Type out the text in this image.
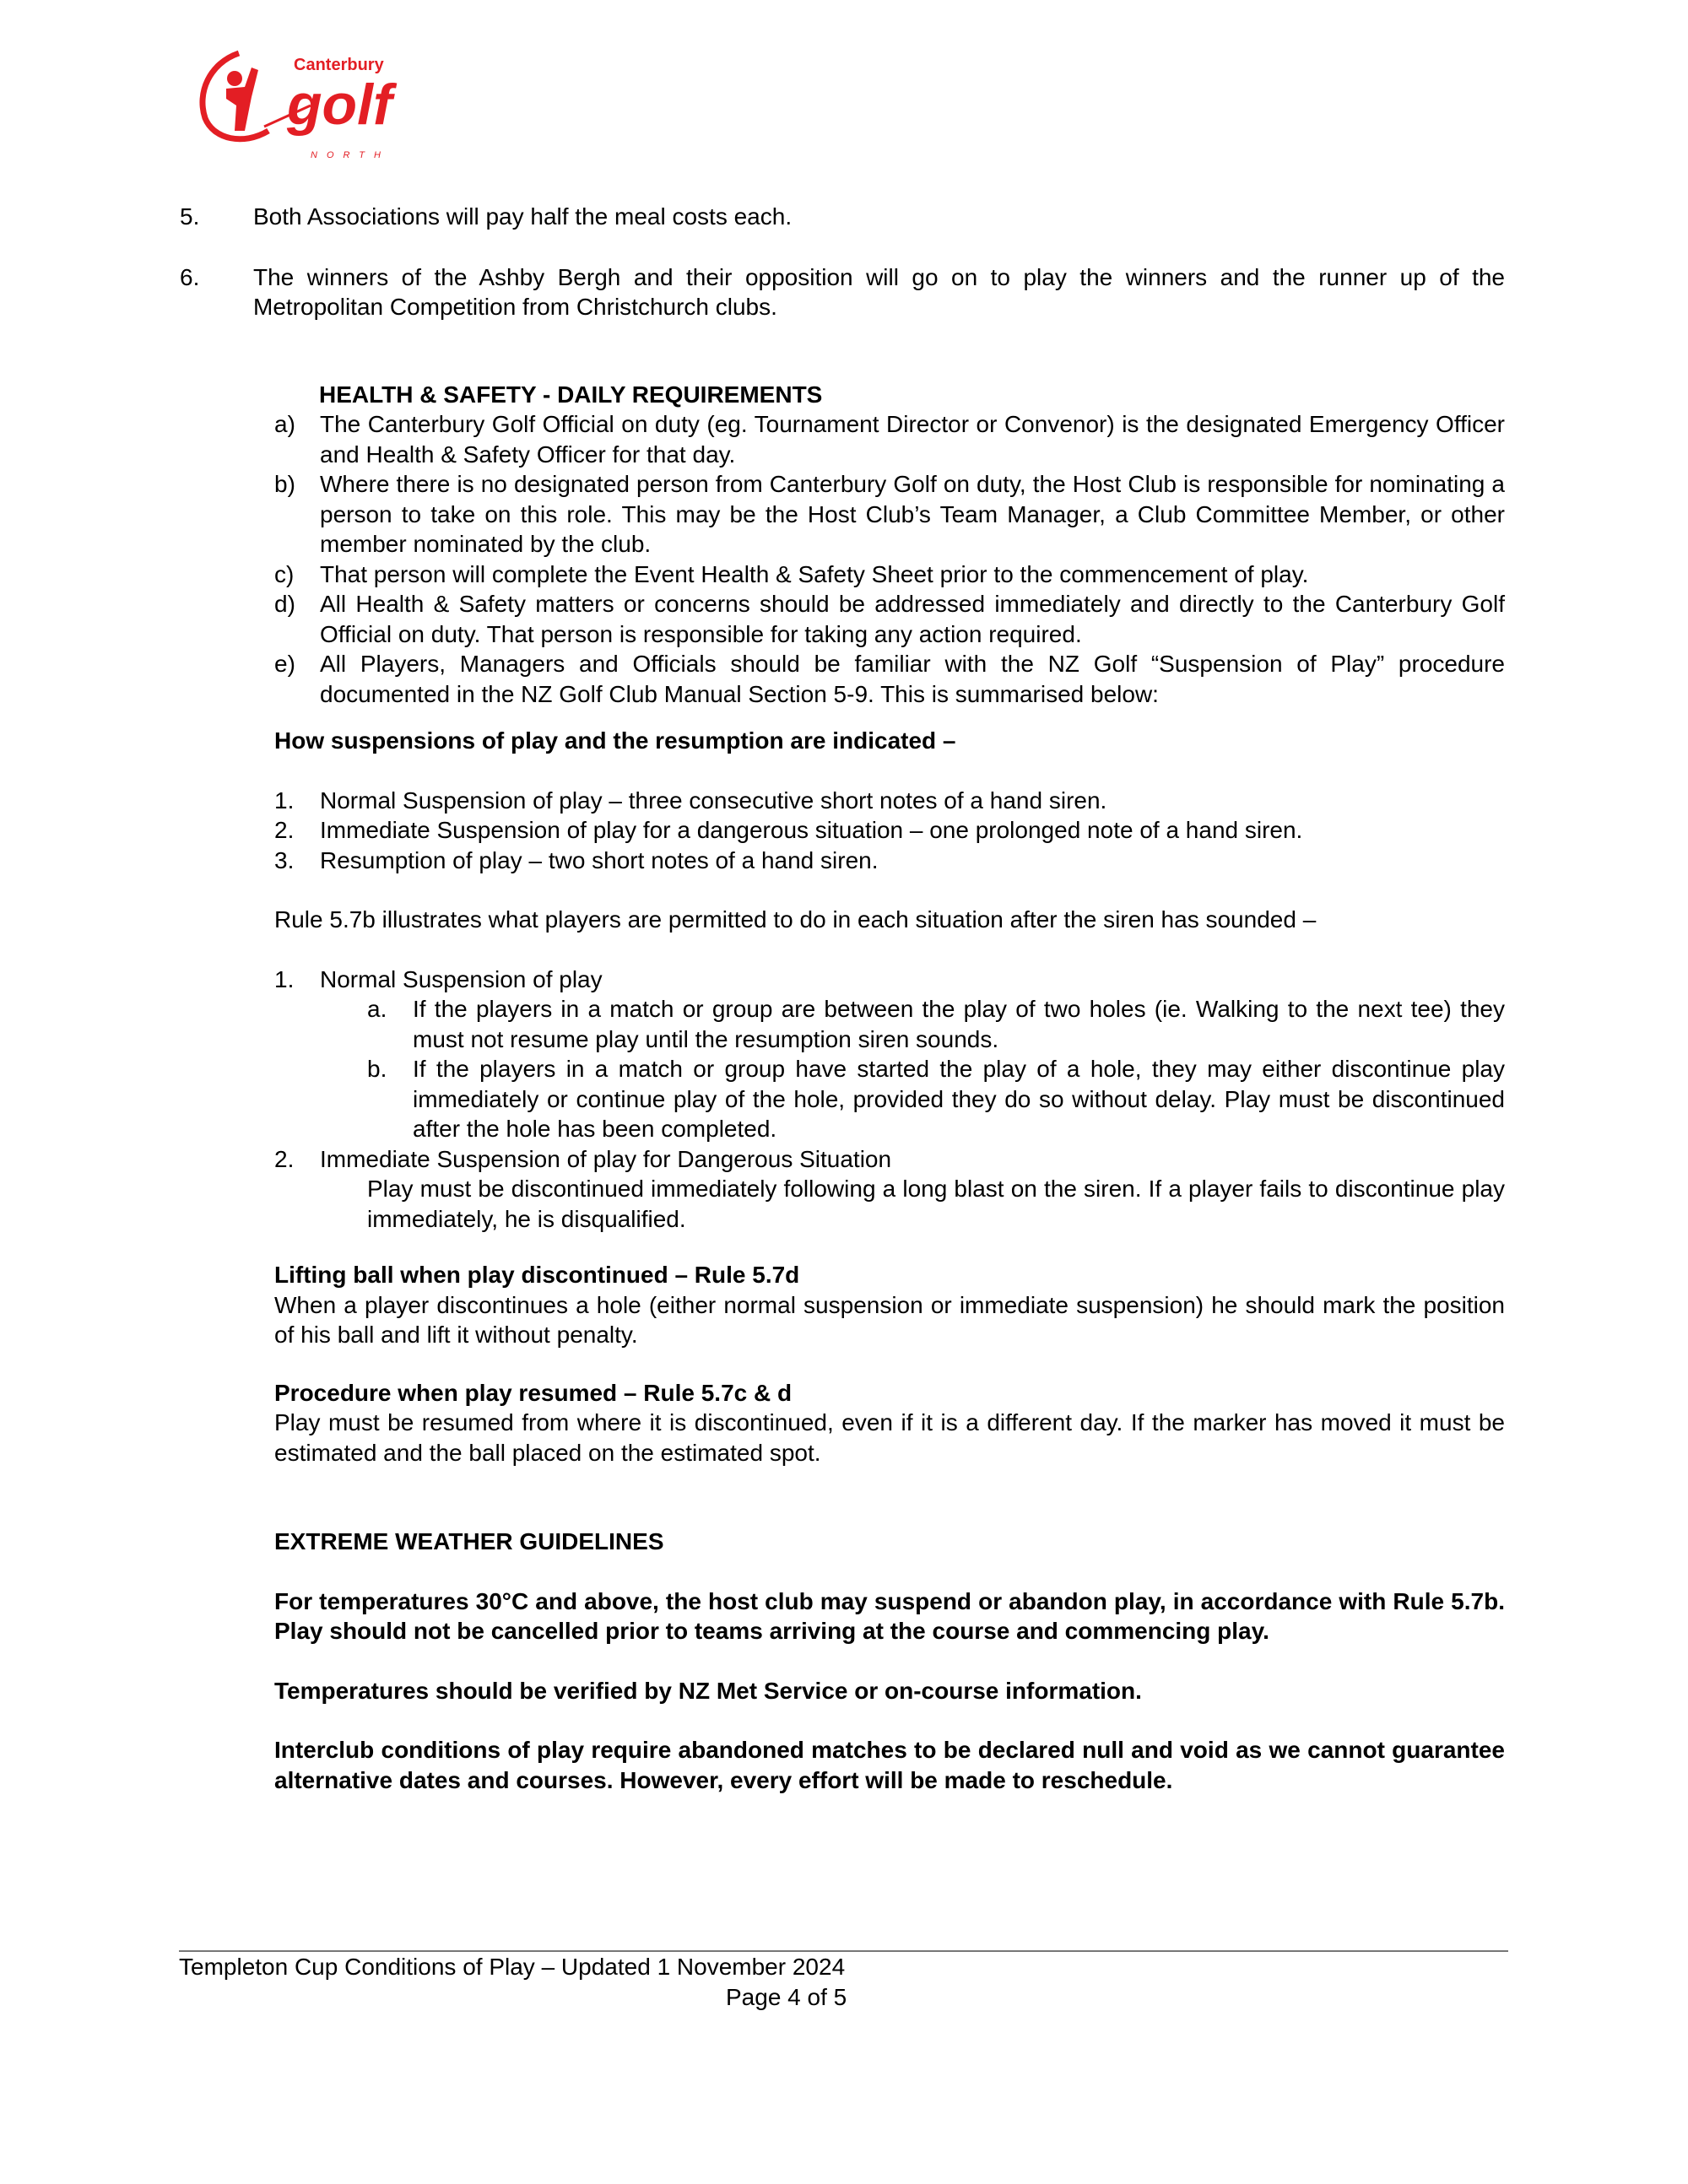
Canterbury
golf
NORTH
5.	Both Associations will pay half the meal costs each.
6.	The winners of the Ashby Bergh and their opposition will go on to play the winners and the runner up of the Metropolitan Competition from Christchurch clubs.
HEALTH & SAFETY - DAILY REQUIREMENTS
a)	The Canterbury Golf Official on duty (eg. Tournament Director or Convenor) is the designated Emergency Officer and Health & Safety Officer for that day.
b)	Where there is no designated person from Canterbury Golf on duty, the Host Club is responsible for nominating a person to take on this role. This may be the Host Club’s Team Manager, a Club Committee Member, or other member nominated by the club.
c)	That person will complete the Event Health & Safety Sheet prior to the commencement of play.
d)	All Health & Safety matters or concerns should be addressed immediately and directly to the Canterbury Golf Official on duty. That person is responsible for taking any action required.
e)	All Players, Managers and Officials should be familiar with the NZ Golf “Suspension of Play” procedure documented in the NZ Golf Club Manual Section 5-9. This is summarised below:
How suspensions of play and the resumption are indicated –
1.	Normal Suspension of play – three consecutive short notes of a hand siren.
2.	Immediate Suspension of play for a dangerous situation – one prolonged note of a hand siren.
3.	Resumption of play – two short notes of a hand siren.
Rule 5.7b illustrates what players are permitted to do in each situation after the siren has sounded –
1.	Normal Suspension of play
a.	If the players in a match or group are between the play of two holes (ie. Walking to the next tee) they must not resume play until the resumption siren sounds.
b.	If the players in a match or group have started the play of a hole, they may either discontinue play immediately or continue play of the hole, provided they do so without delay. Play must be discontinued after the hole has been completed.
2.	Immediate Suspension of play for Dangerous Situation
Play must be discontinued immediately following a long blast on the siren. If a player fails to discontinue play immediately, he is disqualified.
Lifting ball when play discontinued – Rule 5.7d
When a player discontinues a hole (either normal suspension or immediate suspension) he should mark the position of his ball and lift it without penalty.
Procedure when play resumed – Rule 5.7c & d
Play must be resumed from where it is discontinued, even if it is a different day. If the marker has moved it must be estimated and the ball placed on the estimated spot.
EXTREME WEATHER GUIDELINES
For temperatures 30°C and above, the host club may suspend or abandon play, in accordance with Rule 5.7b. Play should not be cancelled prior to teams arriving at the course and commencing play.
Temperatures should be verified by NZ Met Service or on-course information.
Interclub conditions of play require abandoned matches to be declared null and void as we cannot guarantee alternative dates and courses. However, every effort will be made to reschedule.
Templeton Cup Conditions of Play – Updated 1 November 2024
Page 4 of 5
